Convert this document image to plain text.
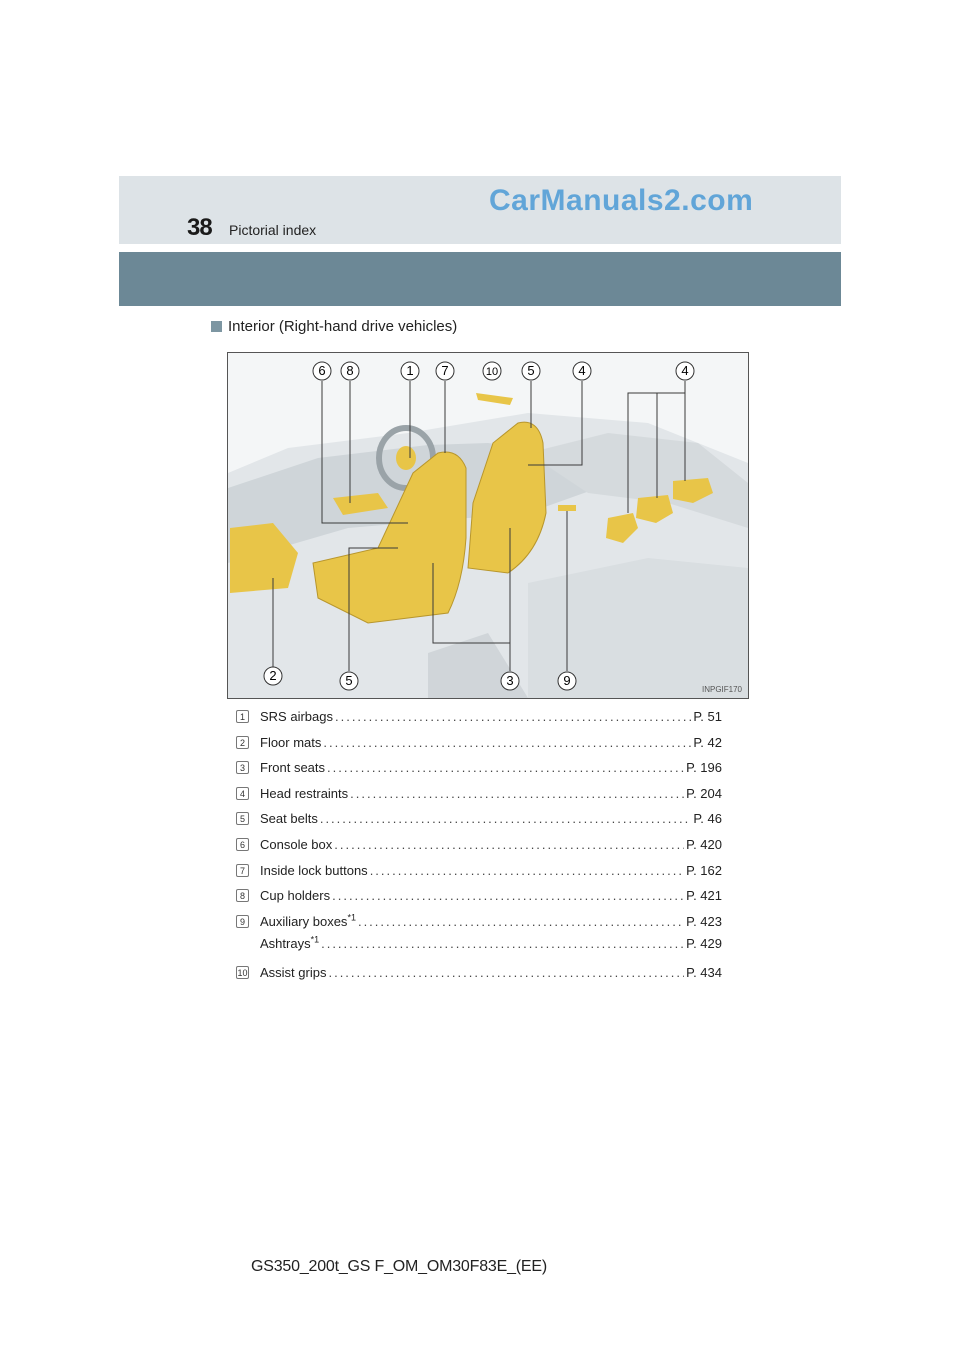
38 Pictorial index
CarManuals2.com
Interior (Right-hand drive vehicles)
6 8	1 7	10 5	4	4
2	5	3	9
INPGIF170
1	SRS airbags .....	P. 51
2	Floor mats .....	P. 42
3	Front seats .....	P. 196
4	Head restraints .....	P. 204
5	Seat belts .....	P. 46
6	Console box .....	P. 420
7	Inside lock buttons .....	P. 162
8	Cup holders .....	P. 421
9	Auxiliary boxes$^{*1}$ .....	P. 423
Ashtrays$^{*1}$ .....	P. 429
10 Assist grips .....	P. 434
GS350_200t_GS F_OM_OM30F83E_(EE)
